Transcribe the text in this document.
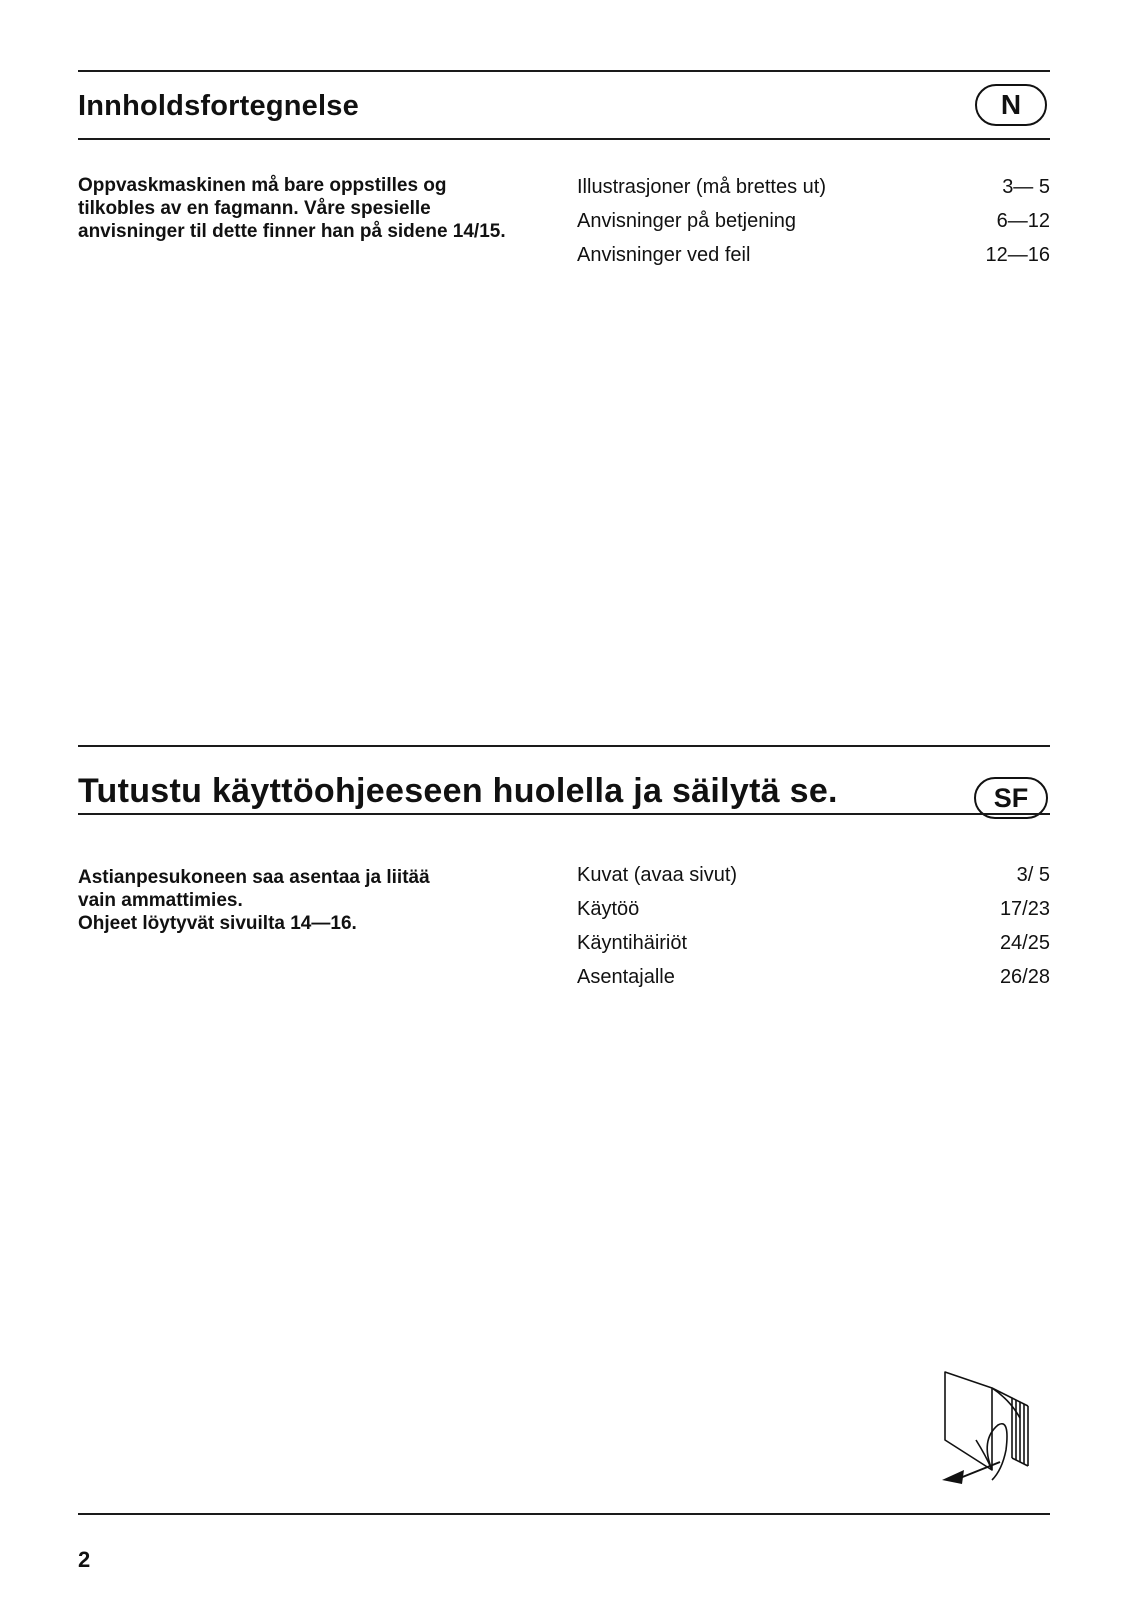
Innholdsfortegnelse	N

Oppvaskmaskinen må bare oppstilles og tilkobles av en fagmann. Våre spesielle anvisninger til dette finner han på sidene 14/15.

Illustrasjoner (må brettes ut)	3— 5
Anvisninger på betjening	6—12
Anvisninger ved feil	12—16
Tutustu käyttöohjeeseen huolella ja säilytä se.	SF
Astianpesukoneen saa asentaa ja liitää
vain ammattimies.
Ohjeet löytyvät sivuilta 14—16.
Kuvat (avaa sivut)	3/ 5
Käytöö	17/23
Käyntihäiriöt	24/25
Asentajalle	26/28
2
